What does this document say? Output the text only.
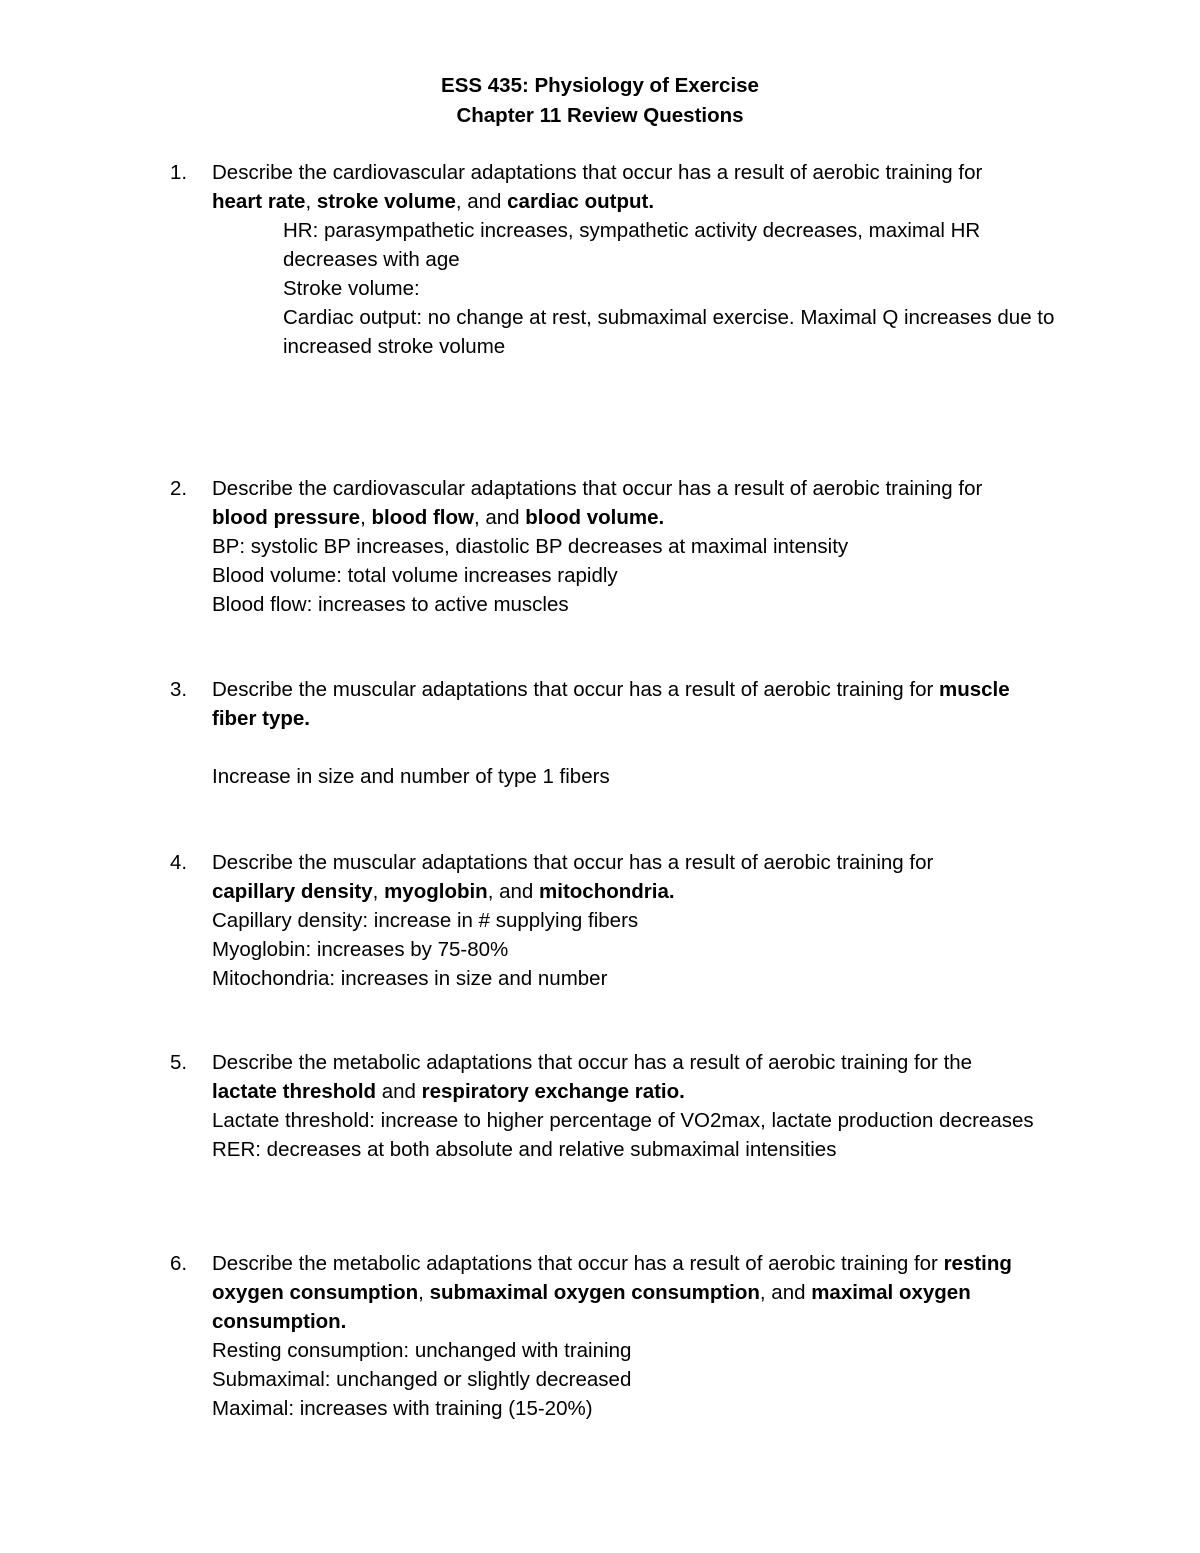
ESS 435: Physiology of Exercise
Chapter 11 Review Questions
1.	Describe the cardiovascular adaptations that occur has a result of aerobic training for
heart rate, stroke volume, and cardiac output.
HR: parasympathetic increases, sympathetic activity decreases, maximal HR decreases with age
Stroke volume:
Cardiac output: no change at rest, submaximal exercise. Maximal Q increases due to increased stroke volume
2.	Describe the cardiovascular adaptations that occur has a result of aerobic training for
blood pressure, blood flow, and blood volume.
BP: systolic BP increases, diastolic BP decreases at maximal intensity
Blood volume: total volume increases rapidly
Blood flow: increases to active muscles
3.	Describe the muscular adaptations that occur has a result of aerobic training for muscle
fiber type.
Increase in size and number of type 1 fibers
4.	Describe the muscular adaptations that occur has a result of aerobic training for
capillary density, myoglobin, and mitochondria.
Capillary density: increase in # supplying fibers
Myoglobin: increases by 75-80%
Mitochondria: increases in size and number
5.	Describe the metabolic adaptations that occur has a result of aerobic training for the
lactate threshold and respiratory exchange ratio.
Lactate threshold: increase to higher percentage of VO2max, lactate production decreases
RER: decreases at both absolute and relative submaximal intensities
6.	Describe the metabolic adaptations that occur has a result of aerobic training for resting
oxygen consumption, submaximal oxygen consumption, and maximal oxygen consumption.
Resting consumption: unchanged with training
Submaximal: unchanged or slightly decreased
Maximal: increases with training (15-20%)
